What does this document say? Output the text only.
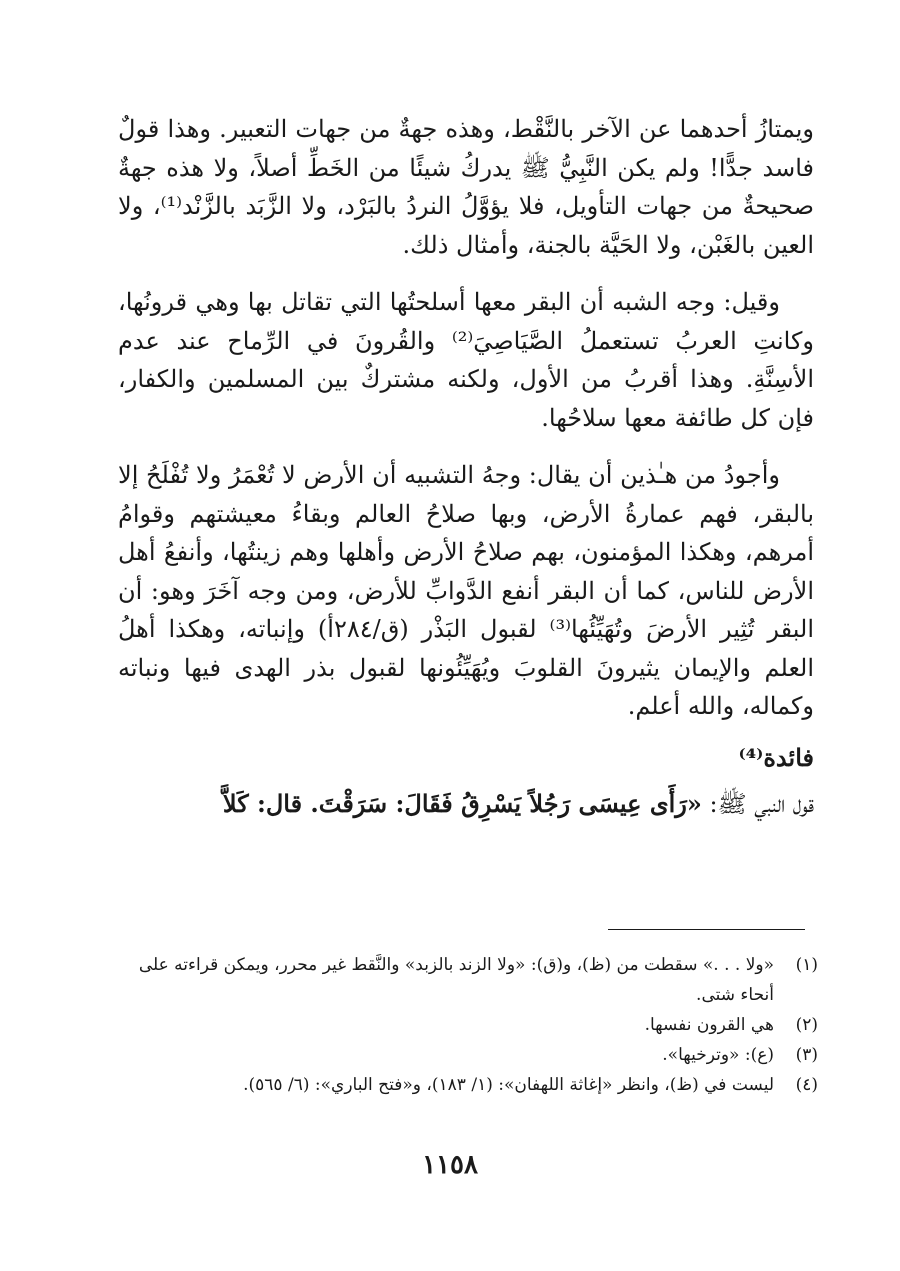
ويمتازُ أحدهما عن الآخر بالنَّقْط، وهذه جهةٌ من جهات التعبير. وهذا قولٌ فاسد جدًّا! ولم يكن النَّبِيُّ ﷺ يدركُ شيئًا من الخَطِّ أصلاً، ولا هذه جهةٌ صحيحةٌ من جهات التأويل، فلا يؤوَّلُ النردُ بالبَرْد، ولا الزَّبَد بالزَّنْد⁽¹⁾، ولا العين بالغَبْن، ولا الحَيَّة بالجنة، وأمثال ذلك.

وقيل: وجه الشبه أن البقر معها أسلحتُها التي تقاتل بها وهي قرونُها، وكانتِ العربُ تستعملُ الصَّيَاصِيَ⁽²⁾ والقُرونَ في الرِّماح عند عدم الأسِنَّةِ. وهذا أقربُ من الأول، ولكنه مشتركٌ بين المسلمين والكفار، فإن كل طائفة معها سلاحُها.

وأجودُ من هـٰذين أن يقال: وجهُ التشبيه أن الأرض لا تُعْمَرُ ولا تُفْلَحُ إلا بالبقر، فهم عمارةُ الأرض، وبها صلاحُ العالم وبقاءُ معيشتهم وقوامُ أمرهم، وهكذا المؤمنون، بهم صلاحُ الأرض وأهلها وهم زينتُها، وأنفعُ أهل الأرض للناس، كما أن البقر أنفع الدَّوابِّ للأرض، ومن وجه آخَرَ وهو: أن البقر تُثِير الأرضَ وتُهَيِّئُها⁽³⁾ لقبول البَذْر (ق/٢٨٤أ) وإنباته، وهكذا أهلُ العلم والإيمان يثيرونَ القلوبَ ويُهَيِّئُونها لقبول بذر الهدى فيها ونباته وكماله، والله أعلم.

فائدة⁽⁴⁾

قول النبي ﷺ: «رَأَى عِيسَى رَجُلاً يَسْرِقُ فَقَالَ: سَرَقْتَ. قال: كَلاَّ

(١)
«ولا . . .» سقطت من (ظ)، و(ق): «ولا الزند بالزبد» والنَّقط غير محرر، ويمكن قراءته على أنحاء شتى.
(٢)
هي القرون نفسها.
(٣)
(ع): «وترخيها».
(٤)
ليست في (ظ)، وانظر «إغاثة اللهفان»: (١/ ١٨٣)، و«فتح الباري»: (٦/ ٥٦٥).
١١٥٨
